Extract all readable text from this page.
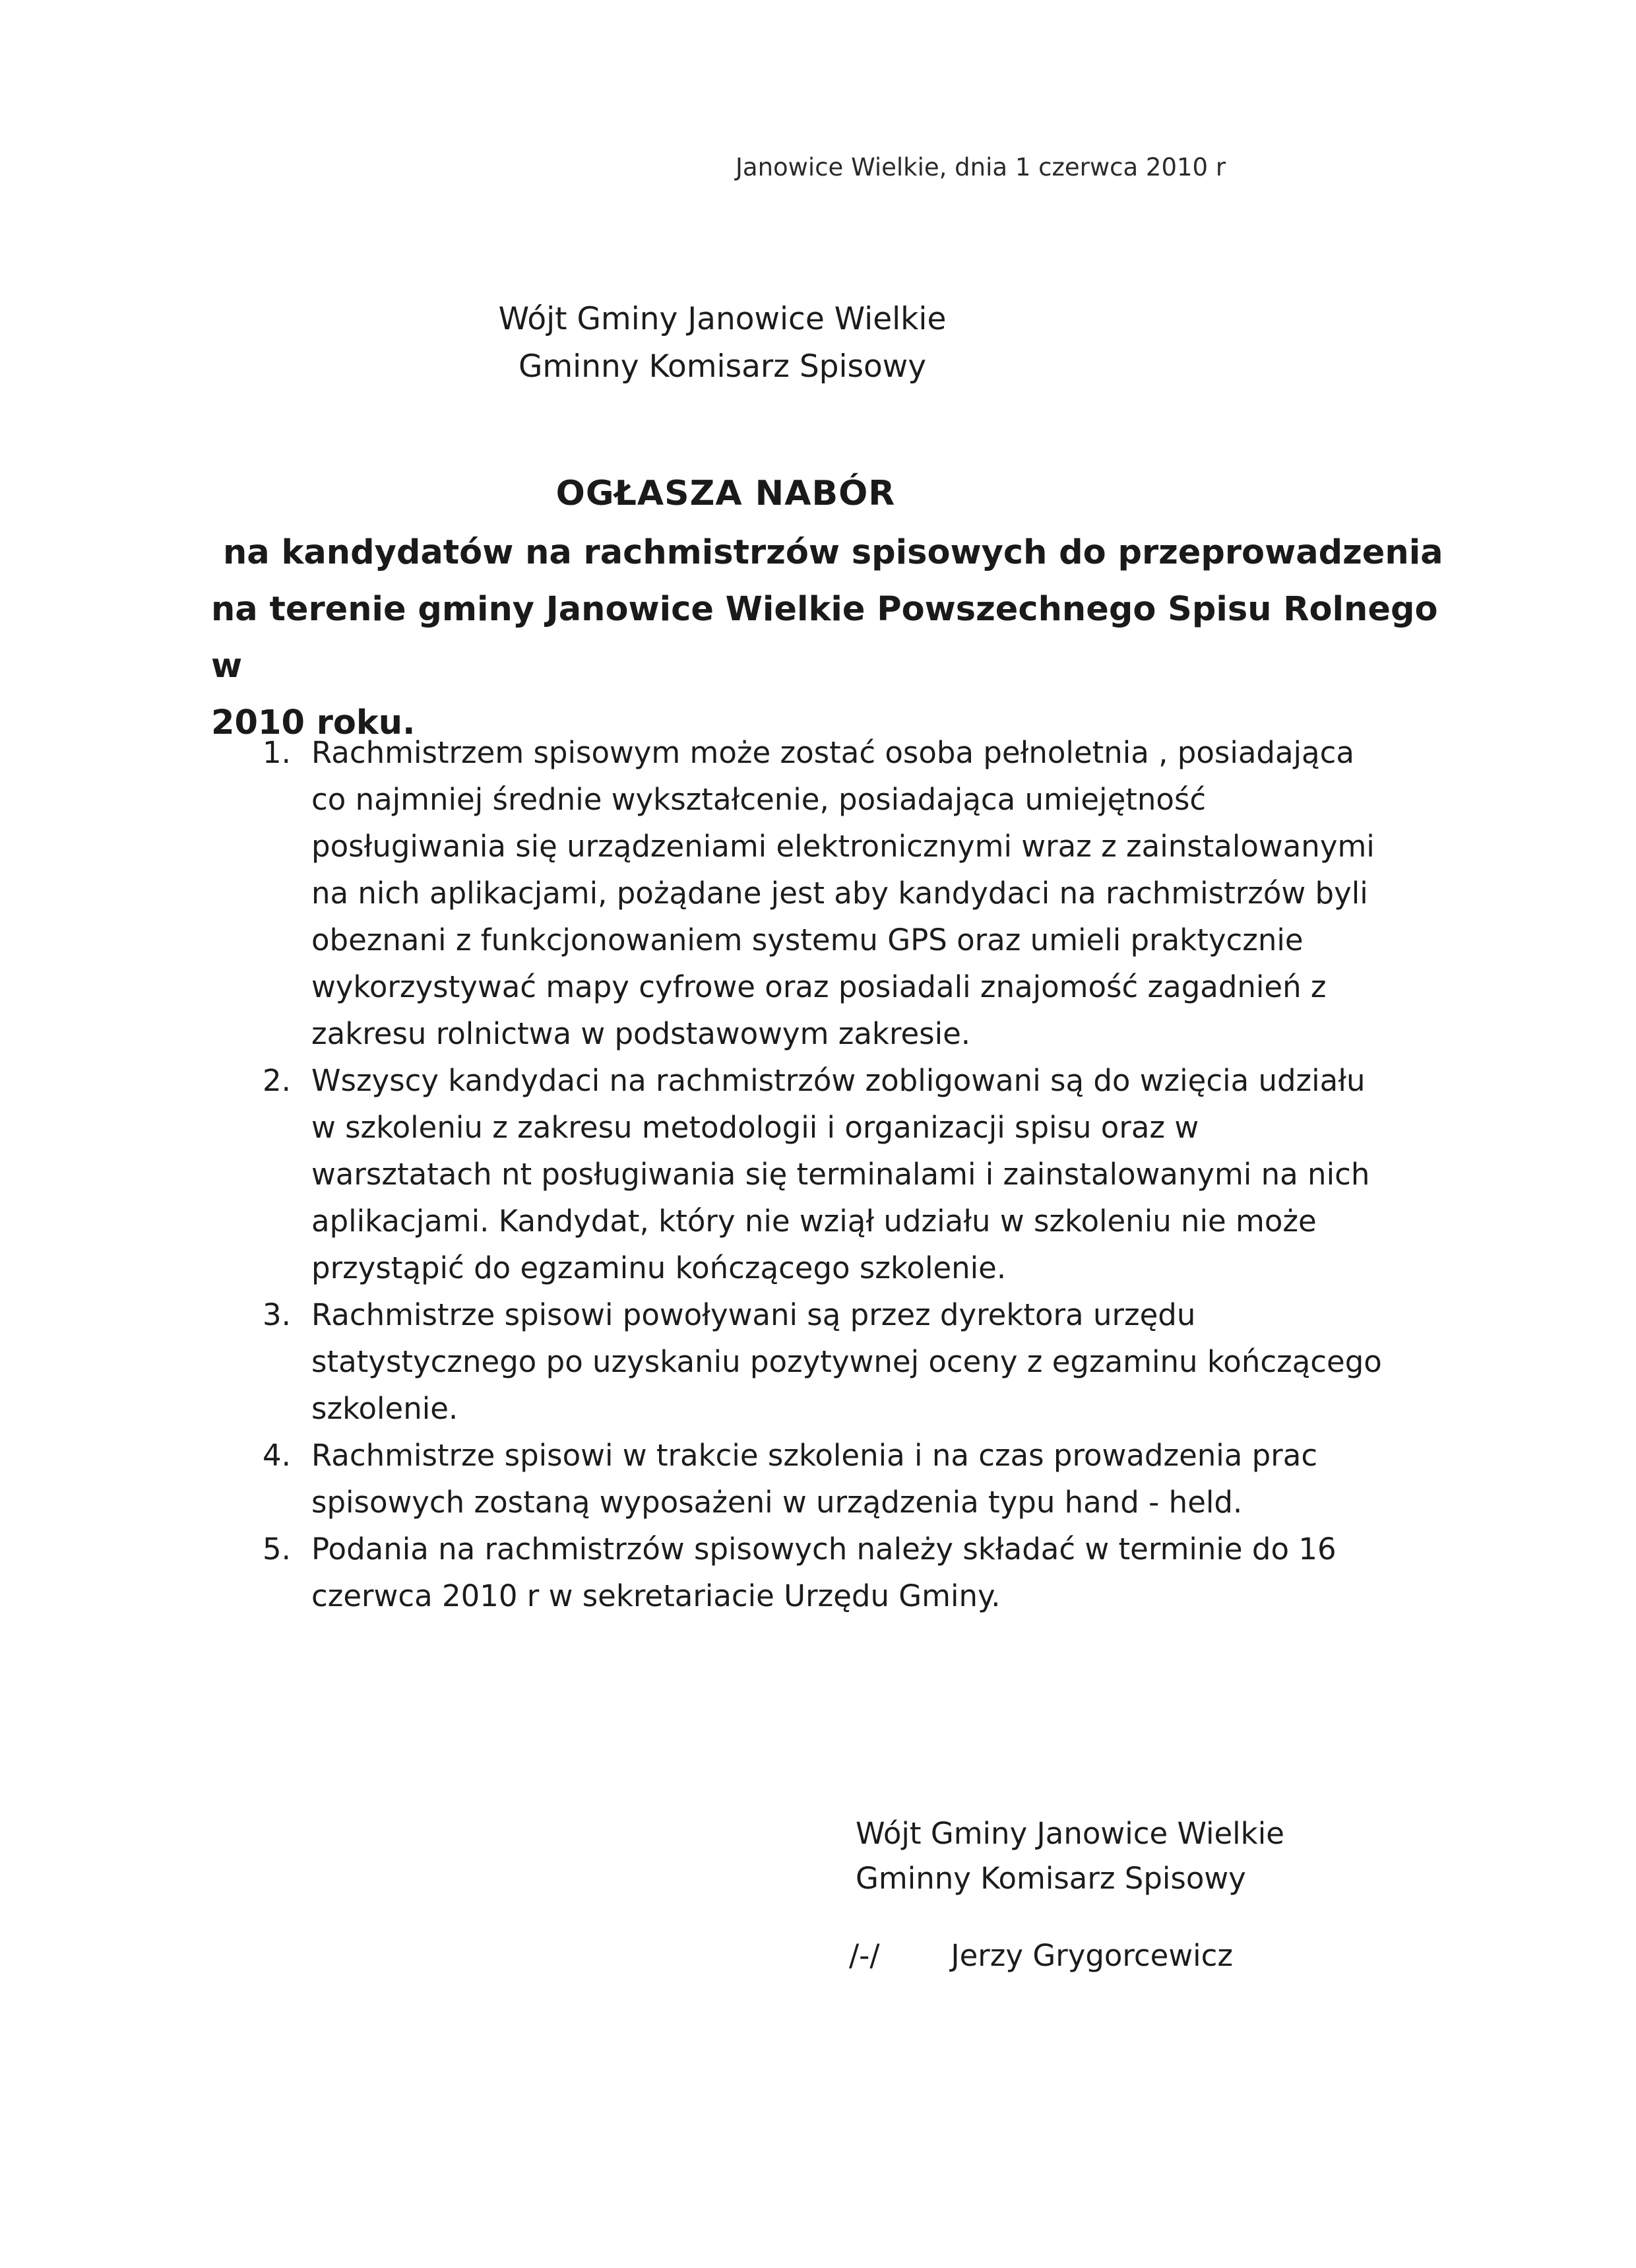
Janowice Wielkie, dnia 1 czerwca 2010 r
Wójt Gminy Janowice Wielkie
Gminny Komisarz Spisowy
OGŁASZA NABÓR
na kandydatów na rachmistrzów spisowych do przeprowadzenia
na terenie gminy Janowice Wielkie Powszechnego Spisu Rolnego w
2010 roku.
1. Rachmistrzem spisowym może zostać osoba pełnoletnia , posiadająca
co najmniej średnie wykształcenie, posiadająca umiejętność
posługiwania się urządzeniami elektronicznymi wraz z zainstalowanymi
na nich aplikacjami, pożądane jest aby kandydaci na rachmistrzów byli
obeznani z funkcjonowaniem systemu GPS oraz umieli praktycznie
wykorzystywać mapy cyfrowe oraz posiadali znajomość zagadnień z
zakresu rolnictwa w podstawowym zakresie.
2. Wszyscy kandydaci na rachmistrzów zobligowani są do wzięcia udziału
w szkoleniu z zakresu metodologii i organizacji spisu oraz w
warsztatach nt posługiwania się terminalami i zainstalowanymi na nich
aplikacjami. Kandydat, który nie wziął udziału w szkoleniu nie może
przystąpić do egzaminu kończącego szkolenie.
3. Rachmistrze spisowi powoływani są przez dyrektora urzędu
statystycznego po uzyskaniu pozytywnej oceny z egzaminu kończącego
szkolenie.
4. Rachmistrze spisowi w trakcie szkolenia i na czas prowadzenia prac
spisowych zostaną wyposażeni w urządzenia typu hand - held.
5. Podania na rachmistrzów spisowych należy składać w terminie do 16
czerwca 2010 r w sekretariacie Urzędu Gminy.
Wójt Gminy Janowice Wielkie
Gminny Komisarz Spisowy
/-/ Jerzy Grygorcewicz
